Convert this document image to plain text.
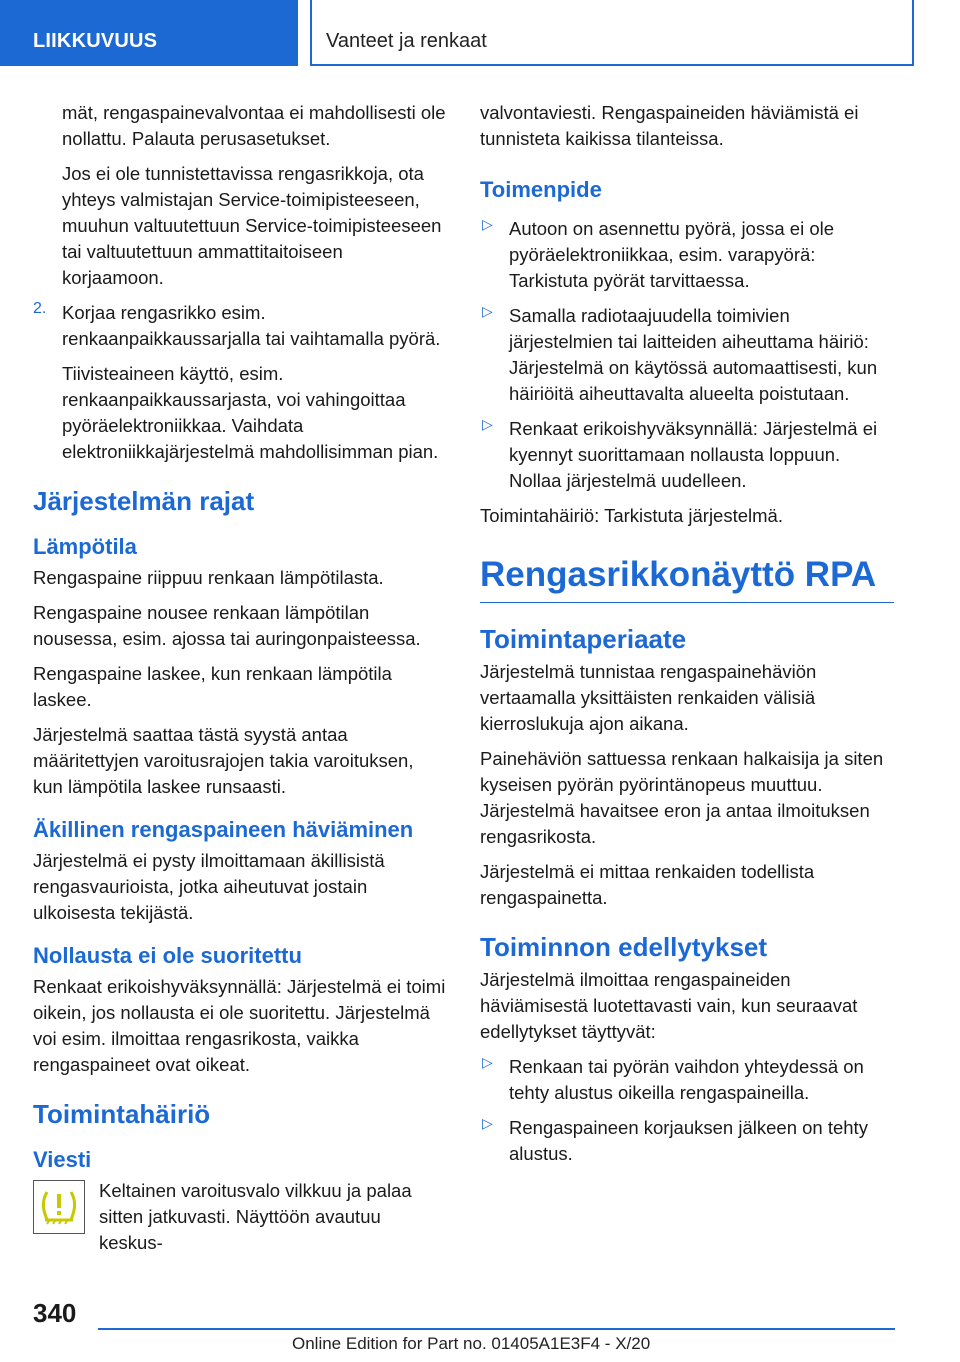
LIIKKUVUUS	Vanteet ja renkaat

mät, rengaspainevalvontaa ei mahdollisesti ole nollattu. Palauta perusasetukset.

Jos ei ole tunnistettavissa rengasrikkoja, ota yhteys valmistajan Service-toimipisteeseen, muuhun valtuutettuun Service-toimipisteeseen tai valtuutettuun ammattitaitoiseen korjaamoon.

2. Korjaa rengasrikko esim. renkaanpaikkaussarjalla tai vaihtamalla pyörä.

Tiivisteaineen käyttö, esim. renkaanpaikkaussarjasta, voi vahingoittaa pyöräelektroniikkaa. Vaihdata elektroniikkajärjestelmä mahdollisimman pian.

Järjestelmän rajat
Lämpötila

Rengaspaine riippuu renkaan lämpötilasta.

Rengaspaine nousee renkaan lämpötilan nousessa, esim. ajossa tai auringonpaisteessa.

Rengaspaine laskee, kun renkaan lämpötila laskee.

Järjestelmä saattaa tästä syystä antaa määritettyjen varoitusrajojen takia varoituksen, kun lämpötila laskee runsaasti.

Äkillinen rengaspaineen häviäminen

Järjestelmä ei pysty ilmoittamaan äkillisistä rengasvaurioista, jotka aiheutuvat jostain ulkoisesta tekijästä.

Nollausta ei ole suoritettu

Renkaat erikoishyväksynnällä: Järjestelmä ei toimi oikein, jos nollausta ei ole suoritettu. Järjestelmä voi esim. ilmoittaa rengasrikosta, vaikka rengaspaineet ovat oikeat.

Toimintahäiriö
Viesti

Keltainen varoitusvalo vilkkuu ja palaa sitten jatkuvasti. Näyttöön avautuu keskus-

valvontaviesti. Rengaspaineiden häviämistä ei tunnisteta kaikissa tilanteissa.

Toimenpide
▷ Autoon on asennettu pyörä, jossa ei ole pyöräelektroniikkaa, esim. varapyörä: Tarkistuta pyörät tarvittaessa.

▷ Samalla radiotaajuudella toimivien järjestelmien tai laitteiden aiheuttama häiriö: Järjestelmä on käytössä automaattisesti, kun häiriöitä aiheuttavalta alueelta poistutaan.

▷ Renkaat erikoishyväksynnällä: Järjestelmä ei kyennyt suorittamaan nollausta loppuun. Nollaa järjestelmä uudelleen.

Toimintahäiriö: Tarkistuta järjestelmä.

Rengasrikkonäyttö RPA
Toimintaperiaate

Järjestelmä tunnistaa rengaspainehäviön vertaamalla yksittäisten renkaiden välisiä kierroslukuja ajon aikana.

Painehäviön sattuessa renkaan halkaisija ja siten kyseisen pyörän pyörintänopeus muuttuu. Järjestelmä havaitsee eron ja antaa ilmoituksen rengasrikosta.

Järjestelmä ei mittaa renkaiden todellista rengaspainetta.

Toiminnon edellytykset

Järjestelmä ilmoittaa rengaspaineiden häviämisestä luotettavasti vain, kun seuraavat edellytykset täyttyvät:

▷ Renkaan tai pyörän vaihdon yhteydessä on tehty alustus oikeilla rengaspaineilla.

▷ Rengaspaineen korjauksen jälkeen on tehty alustus.

340
Online Edition for Part no. 01405A1E3F4 - X/20
